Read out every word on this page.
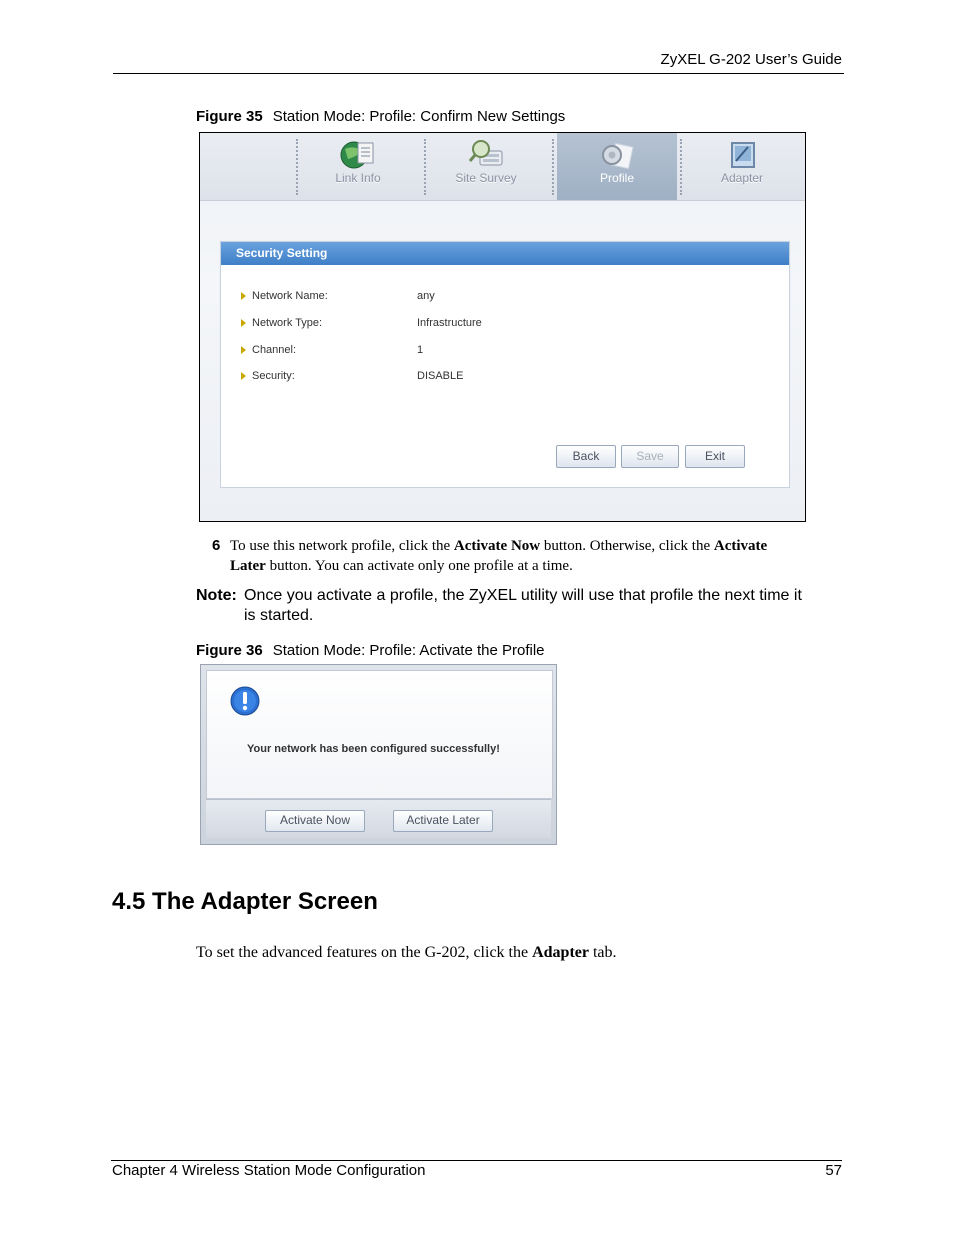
ZyXEL G-202 User’s Guide
Figure 35 Station Mode: Profile: Confirm New Settings
Link Info	Site Survey	Profile	Adapter
Security Setting
Network Name:	any
Network Type:	Infrastructure
Channel:	1
Security:	DISABLE
Back	Save	Exit
6 To use this network profile, click the Activate Now button. Otherwise, click the Activate
Later button. You can activate only one profile at a time.
Note: Once you activate a profile, the ZyXEL utility will use that profile the next time it
is started.
Figure 36 Station Mode: Profile: Activate the Profile
Your network has been configured successfully!
Activate Now	Activate Later
4.5 The Adapter Screen
To set the advanced features on the G-202, click the Adapter tab.
Chapter 4 Wireless Station Mode Configuration	57
